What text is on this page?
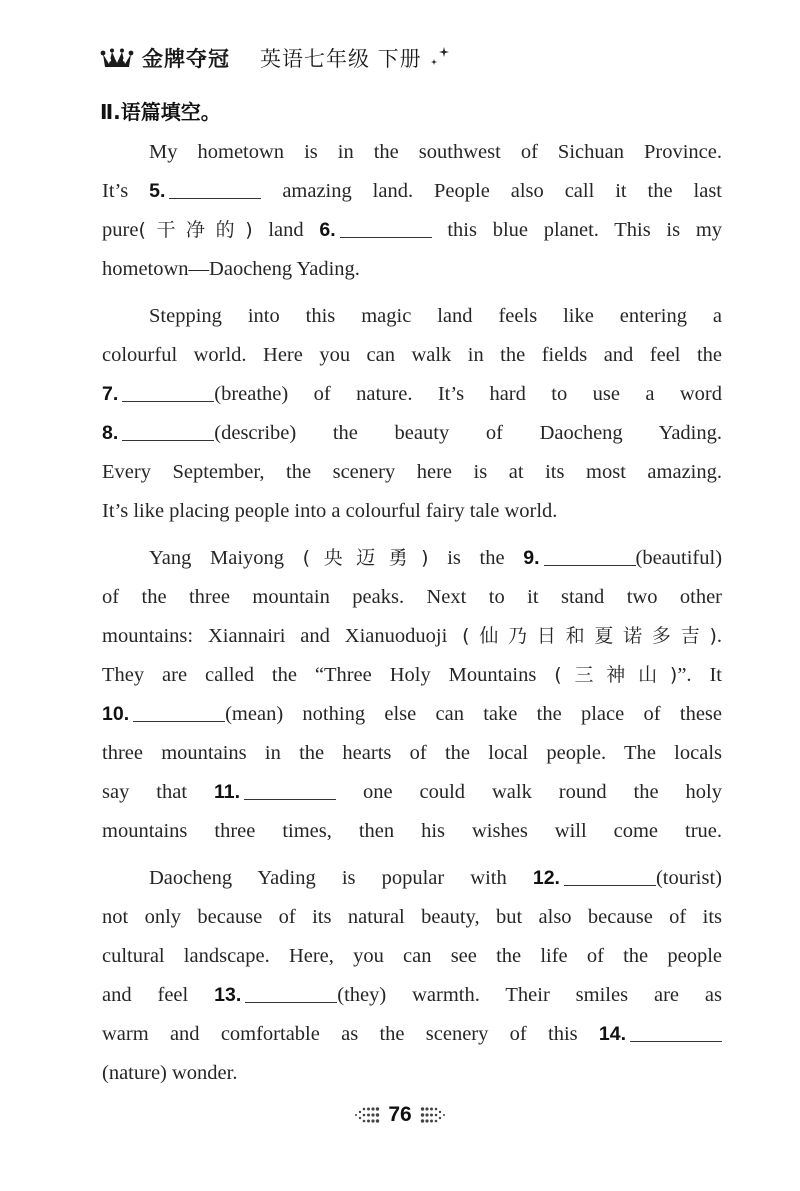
金牌夺冠 英语七年级 下册
Ⅱ.语篇填空。
My hometown is in the southwest of Sichuan Province.
It’s 5.	amazing land. People also call it the last
pure(干净的) land 6.	this blue planet. This is my
hometown—Daocheng Yading.
Stepping into this magic land feels like entering a
colourful world. Here you can walk in the fields and feel the
7.	(breathe) of nature. It’s hard to use a word
8.	(describe) the beauty of Daocheng Yading.
Every September, the scenery here is at its most amazing.
It’s like placing people into a colourful fairy tale world.
Yang Maiyong (央迈勇) is the 9.	(beautiful)
of the three mountain peaks. Next to it stand two other
mountains: Xiannairi and Xianuoduoji (仙乃日和夏诺多吉).
They are called the “Three Holy Mountains (三神山)”. It
10.	(mean) nothing else can take the place of these
three mountains in the hearts of the local people. The locals
say that 11.	one could walk round the holy
mountains three times, then his wishes will come true.
Daocheng Yading is popular with 12.	(tourist)
not only because of its natural beauty, but also because of its
cultural landscape. Here, you can see the life of the people
and feel 13.	(they) warmth. Their smiles are as
warm and comfortable as the scenery of this 14.
(nature) wonder.
76
